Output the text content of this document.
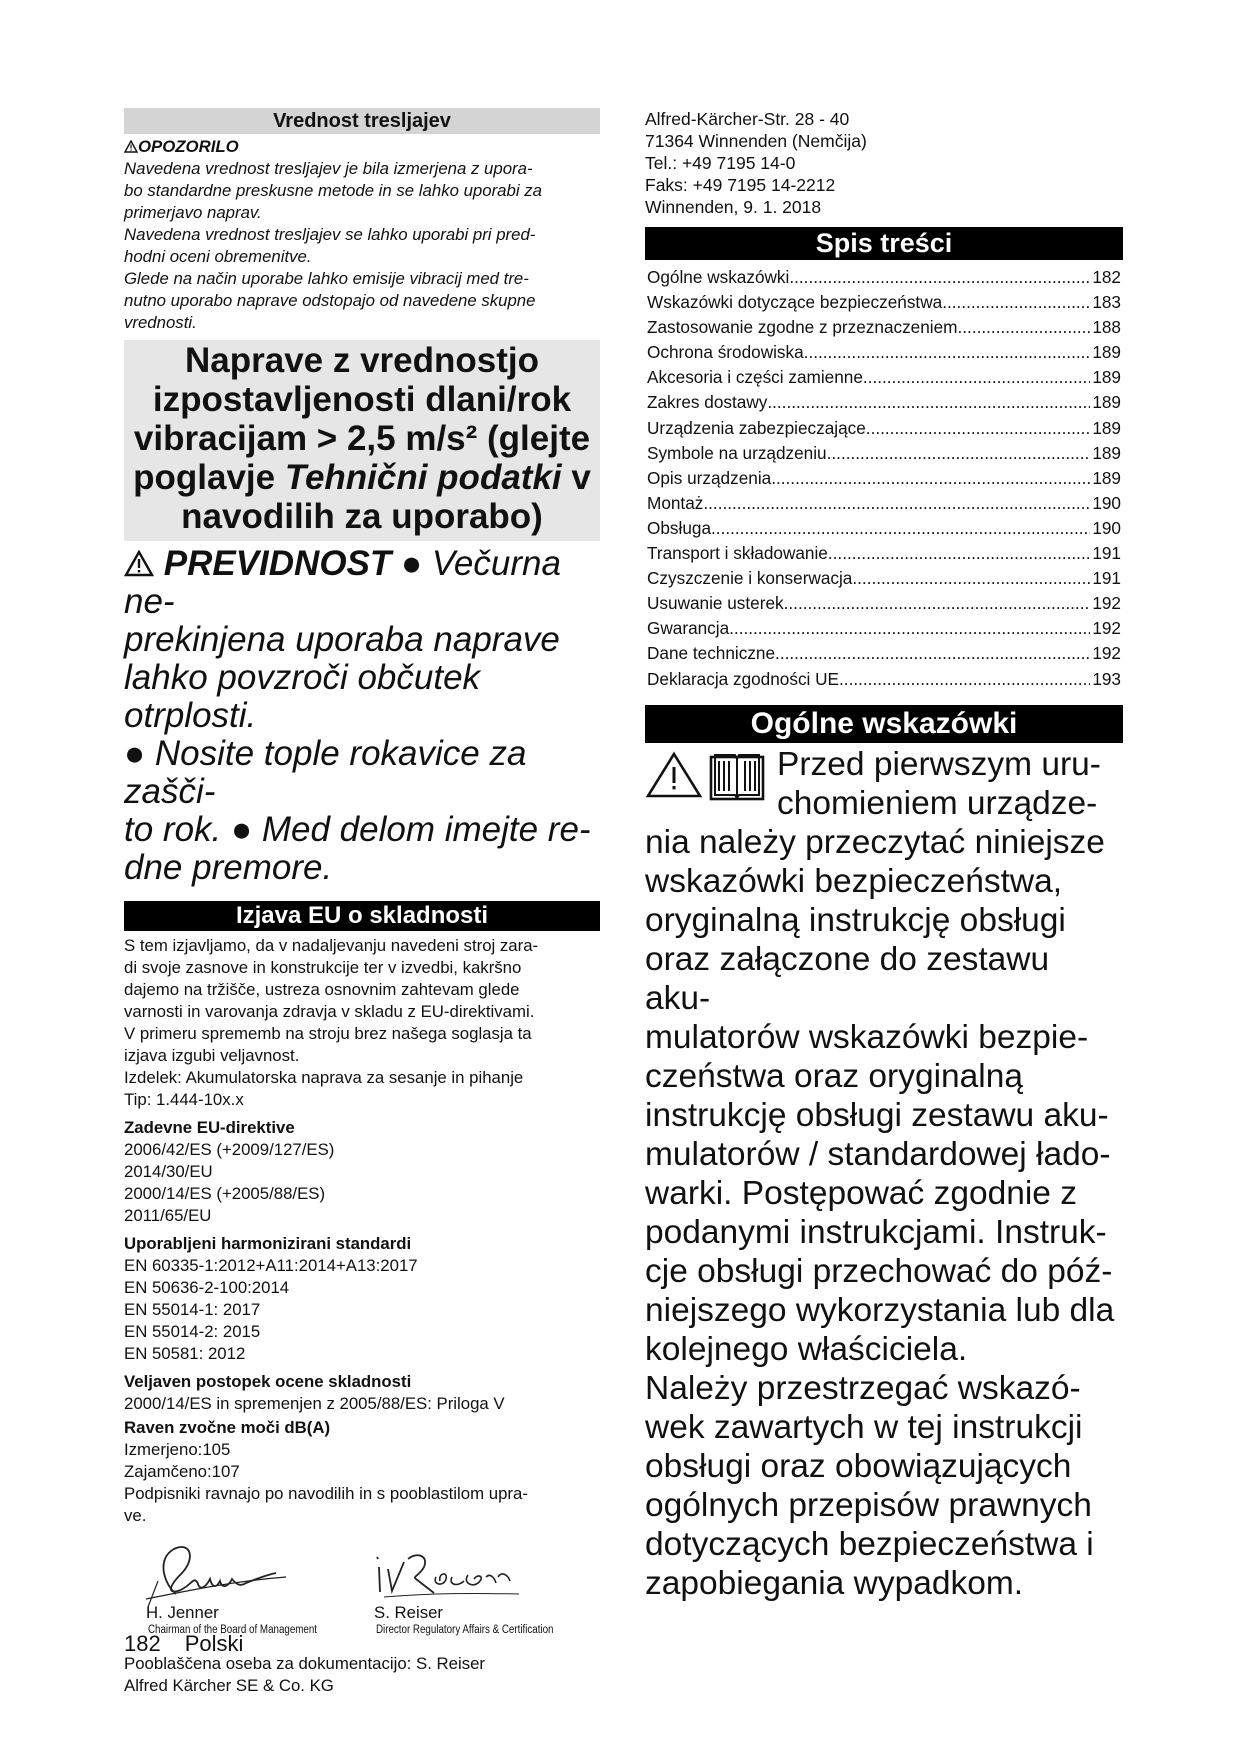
Vrednost tresljajev
OPOZORILO
Navedena vrednost tresljajev je bila izmerjena z upora-
bo standardne preskusne metode in se lahko uporabi za
primerjavo naprav.
Navedena vrednost tresljajev se lahko uporabi pri pred-
hodni oceni obremenitve.
Glede na način uporabe lahko emisije vibracij med tre-
nutno uporabo naprave odstopajo od navedene skupne
vrednosti.
Naprave z vrednostjo
izpostavljenosti dlani/rok
vibracijam > 2,5 m/s² (glejte
poglavje Tehnični podatki v
navodilih za uporabo)
PREVIDNOST ● Večurna ne-
prekinjena uporaba naprave
lahko povzroči občutek otrplosti.
● Nosite tople rokavice za zašči-
to rok. ● Med delom imejte re-
dne premore.
Izjava EU o skladnosti
S tem izjavljamo, da v nadaljevanju navedeni stroj zara-
di svoje zasnove in konstrukcije ter v izvedbi, kakršno
dajemo na tržišče, ustreza osnovnim zahtevam glede
varnosti in varovanja zdravja v skladu z EU-direktivami.
V primeru sprememb na stroju brez našega soglasja ta
izjava izgubi veljavnost.
Izdelek: Akumulatorska naprava za sesanje in pihanje
Tip: 1.444-10x.x
Zadevne EU-direktive
2006/42/ES (+2009/127/ES)
2014/30/EU
2000/14/ES (+2005/88/ES)
2011/65/EU
Uporabljeni harmonizirani standardi
EN 60335-1:2012+A11:2014+A13:2017
EN 50636-2-100:2014
EN 55014-1: 2017
EN 55014-2: 2015
EN 50581: 2012
Veljaven postopek ocene skladnosti
2000/14/ES in spremenjen z 2005/88/ES: Priloga V
Raven zvočne moči dB(A)
Izmerjeno:105
Zajamčeno:107
Podpisniki ravnajo po navodilih in s pooblastilom upra-
ve.
H. Jenner
Chairman of the Board of Management
S. Reiser
Director Regulatory Affairs & Certification
Pooblaščena oseba za dokumentacijo: S. Reiser
Alfred Kärcher SE & Co. KG
Alfred-Kärcher-Str. 28 - 40
71364 Winnenden (Nemčija)
Tel.: +49 7195 14-0
Faks: +49 7195 14-2212
Winnenden, 9. 1. 2018
Spis treści
Ogólne wskazówki .....	182
Wskazówki dotyczące bezpieczeństwa .....	183
Zastosowanie zgodne z przeznaczeniem .....	188
Ochrona środowiska .....	189
Akcesoria i części zamienne .....	189
Zakres dostawy .....	189
Urządzenia zabezpieczające .....	189
Symbole na urządzeniu .....	189
Opis urządzenia .....	189
Montaż .....	190
Obsługa .....	190
Transport i składowanie .....	191
Czyszczenie i konserwacja .....	191
Usuwanie usterek .....	192
Gwarancja .....	192
Dane techniczne .....	192
Deklaracja zgodności UE .....	193
Ogólne wskazówki
Przed pierwszym uru-
chomieniem urządze-
nia należy przeczytać niniejsze
wskazówki bezpieczeństwa,
oryginalną instrukcję obsługi
oraz załączone do zestawu aku-
mulatorów wskazówki bezpie-
czeństwa oraz oryginalną
instrukcję obsługi zestawu aku-
mulatorów / standardowej łado-
warki. Postępować zgodnie z
podanymi instrukcjami. Instruk-
cje obsługi przechować do póź-
niejszego wykorzystania lub dla
kolejnego właściciela.
Należy przestrzegać wskazó-
wek zawartych w tej instrukcji
obsługi oraz obowiązujących
ogólnych przepisów prawnych
dotyczących bezpieczeństwa i
zapobiegania wypadkom.
182 Polski
